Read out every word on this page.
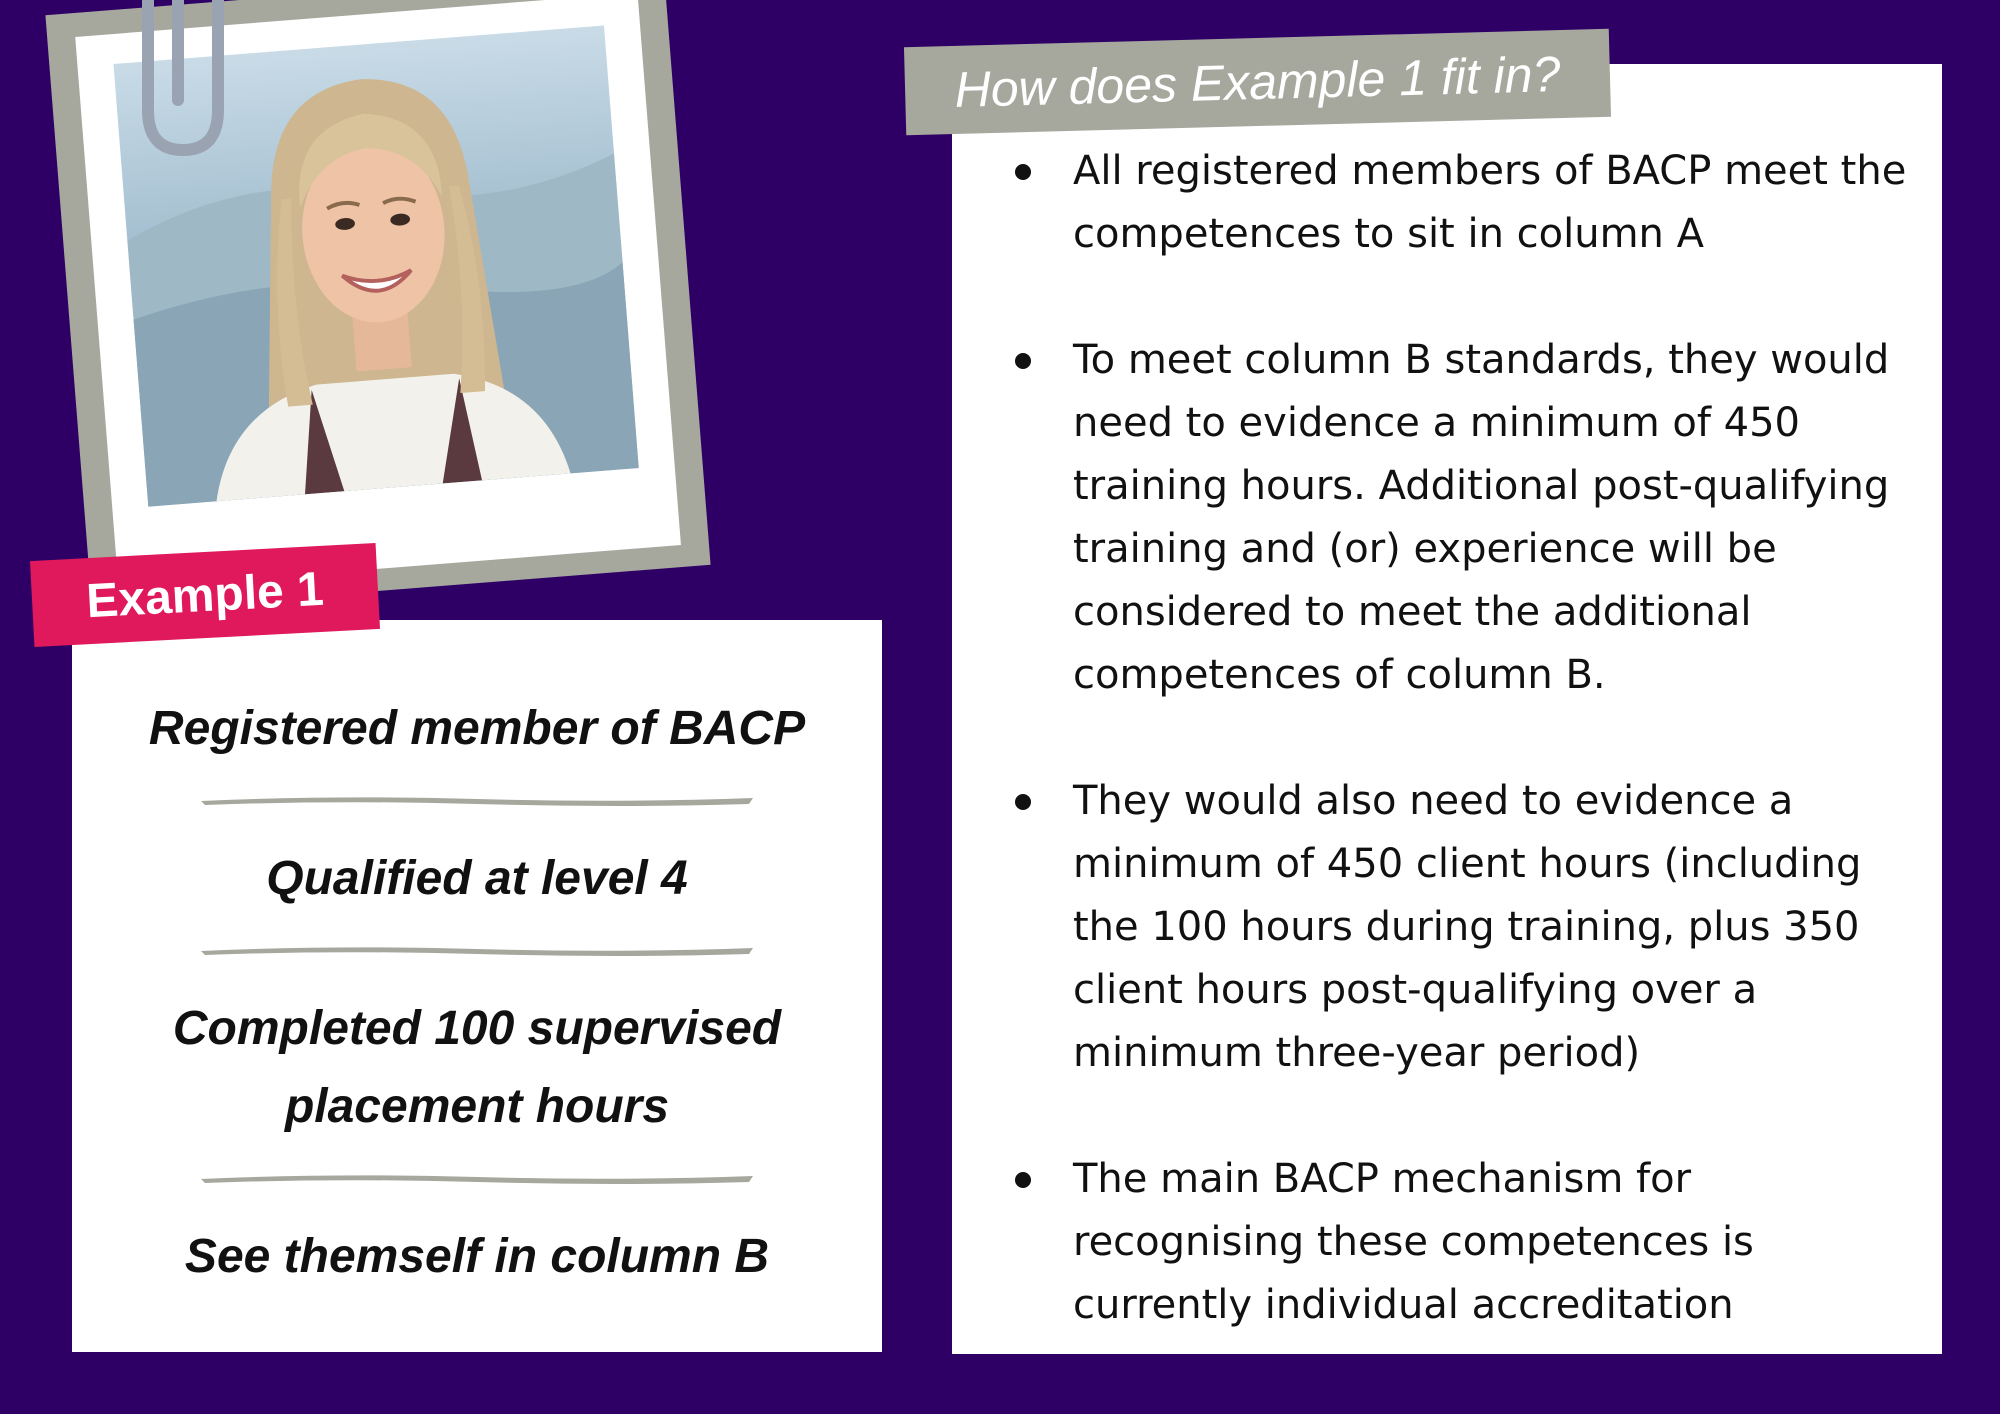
Registered member of BACP
Qualified at level 4
Completed 100 supervised placement hours
See themself in column B
Example 1
How does Example 1 fit in?
All registered members of BACP meet the competences to sit in column A
To meet column B standards, they would need to evidence a minimum of 450 training hours. Additional post-qualifying training and (or) experience will be considered to meet the additional competences of column B.
They would also need to evidence a minimum of 450 client hours (including the 100 hours during training, plus 350 client hours post-qualifying over a minimum three-year period)
The main BACP mechanism for recognising these competences is currently individual accreditation
